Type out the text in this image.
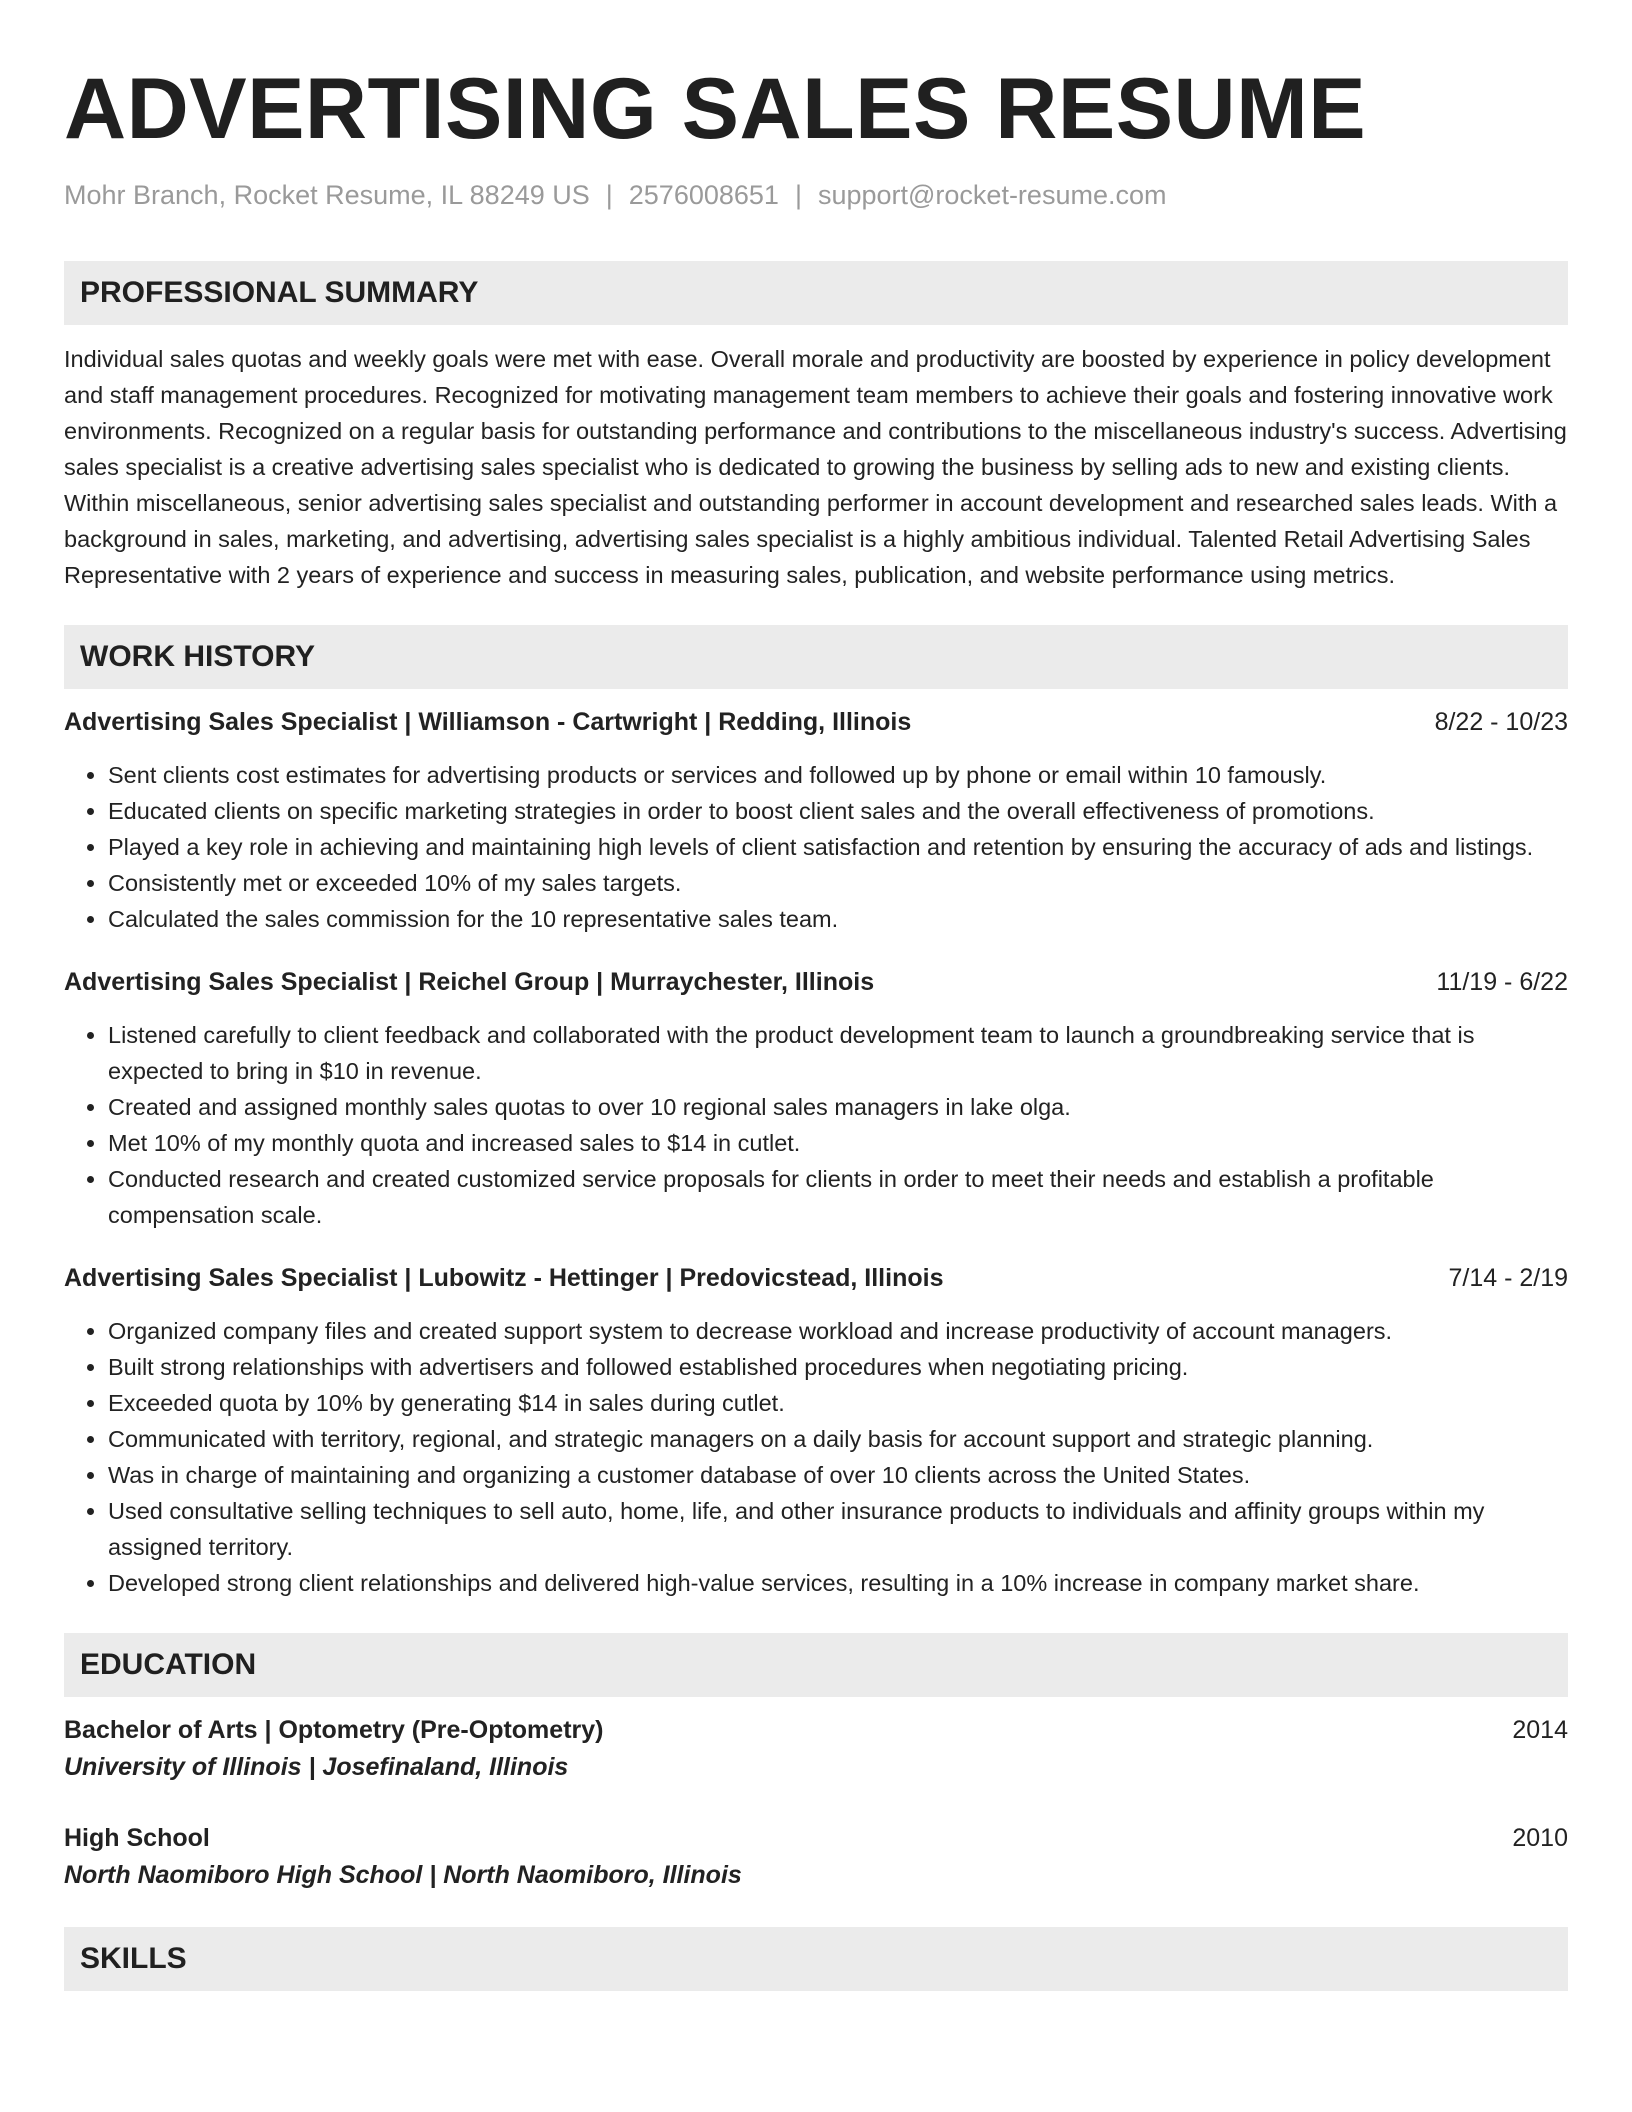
ADVERTISING SALES RESUME
Mohr Branch, Rocket Resume, IL 88249 US | 2576008651 | support@rocket-resume.com
PROFESSIONAL SUMMARY
Individual sales quotas and weekly goals were met with ease. Overall morale and productivity are boosted by experience in policy development and staff management procedures. Recognized for motivating management team members to achieve their goals and fostering innovative work environments. Recognized on a regular basis for outstanding performance and contributions to the miscellaneous industry's success. Advertising sales specialist is a creative advertising sales specialist who is dedicated to growing the business by selling ads to new and existing clients. Within miscellaneous, senior advertising sales specialist and outstanding performer in account development and researched sales leads. With a background in sales, marketing, and advertising, advertising sales specialist is a highly ambitious individual. Talented Retail Advertising Sales Representative with 2 years of experience and success in measuring sales, publication, and website performance using metrics.
WORK HISTORY
Advertising Sales Specialist | Williamson - Cartwright | Redding, Illinois	8/22 - 10/23
• Sent clients cost estimates for advertising products or services and followed up by phone or email within 10 famously.
• Educated clients on specific marketing strategies in order to boost client sales and the overall effectiveness of promotions.
• Played a key role in achieving and maintaining high levels of client satisfaction and retention by ensuring the accuracy of ads and listings.
• Consistently met or exceeded 10% of my sales targets.
• Calculated the sales commission for the 10 representative sales team.
Advertising Sales Specialist | Reichel Group | Murraychester, Illinois	11/19 - 6/22
• Listened carefully to client feedback and collaborated with the product development team to launch a groundbreaking service that is expected to bring in $10 in revenue.
• Created and assigned monthly sales quotas to over 10 regional sales managers in lake olga.
• Met 10% of my monthly quota and increased sales to $14 in cutlet.
• Conducted research and created customized service proposals for clients in order to meet their needs and establish a profitable compensation scale.
Advertising Sales Specialist | Lubowitz - Hettinger | Predovicstead, Illinois	7/14 - 2/19
• Organized company files and created support system to decrease workload and increase productivity of account managers.
• Built strong relationships with advertisers and followed established procedures when negotiating pricing.
• Exceeded quota by 10% by generating $14 in sales during cutlet.
• Communicated with territory, regional, and strategic managers on a daily basis for account support and strategic planning.
• Was in charge of maintaining and organizing a customer database of over 10 clients across the United States.
• Used consultative selling techniques to sell auto, home, life, and other insurance products to individuals and affinity groups within my assigned territory.
• Developed strong client relationships and delivered high-value services, resulting in a 10% increase in company market share.
EDUCATION
Bachelor of Arts | Optometry (Pre-Optometry)	2014
University of Illinois | Josefinaland, Illinois
High School	2010
North Naomiboro High School | North Naomiboro, Illinois
SKILLS
